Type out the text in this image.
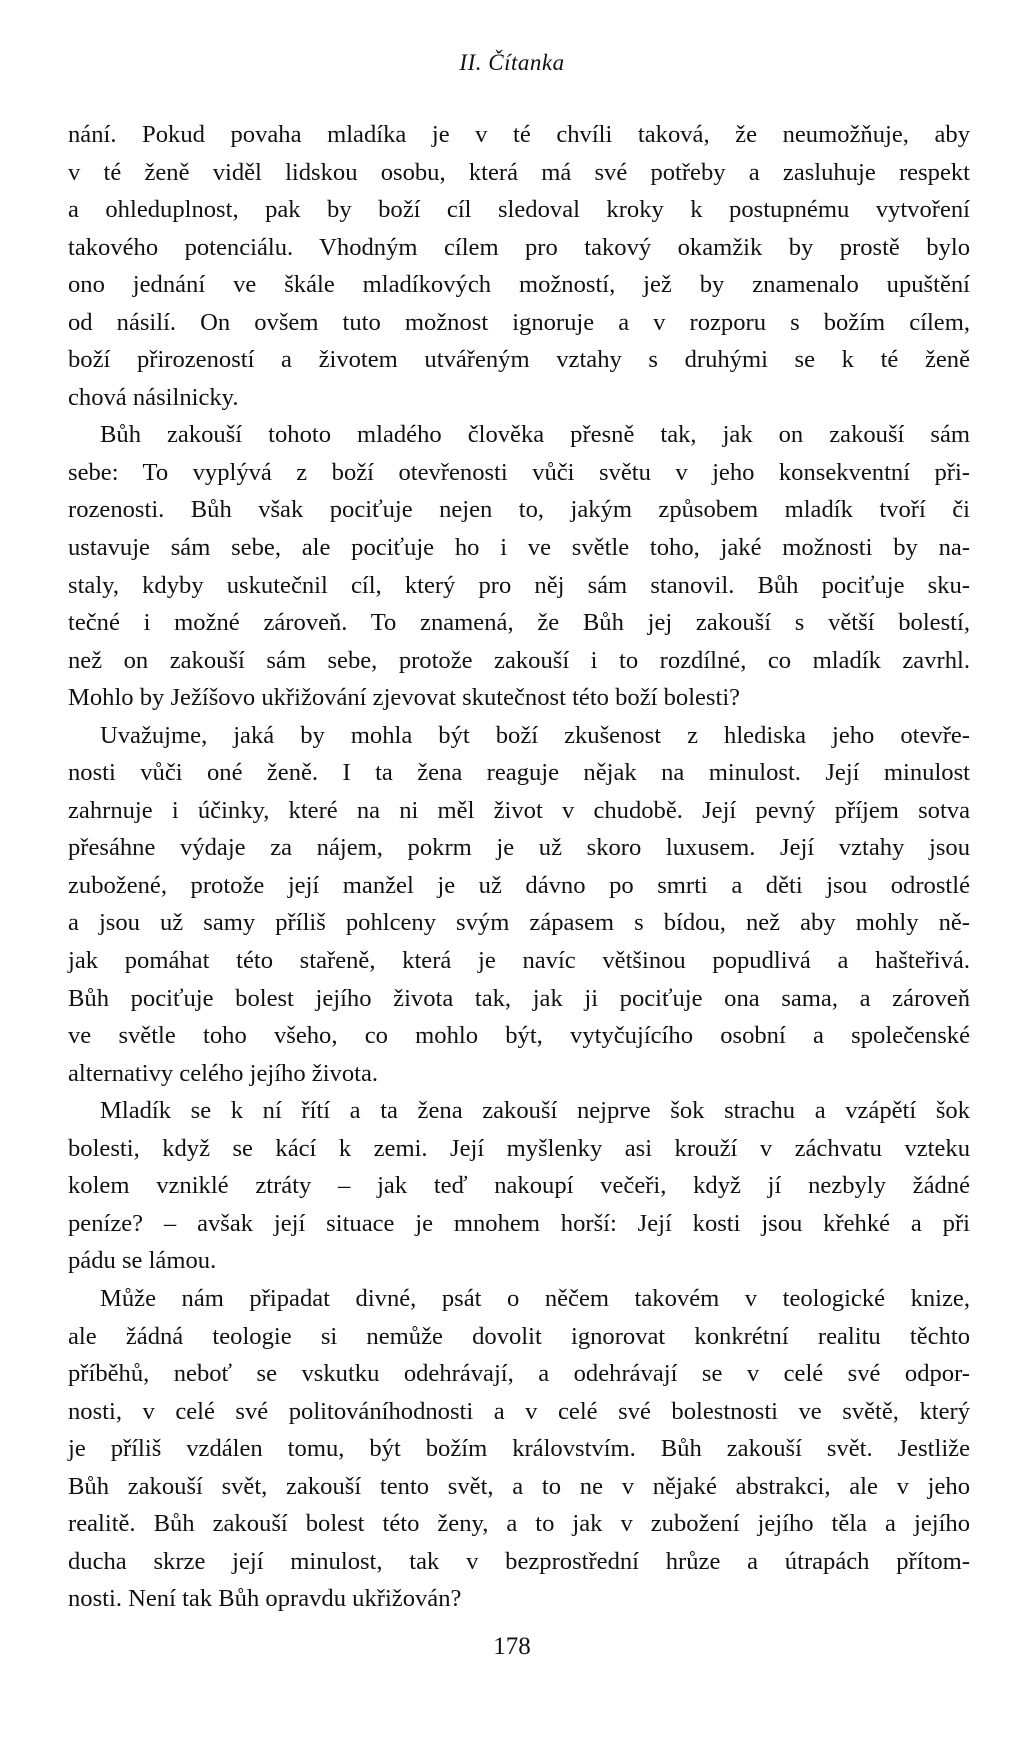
II. Čítanka
nání. Pokud povaha mladíka je v té chvíli taková, že neumožňuje, aby
v té ženě viděl lidskou osobu, která má své potřeby a zasluhuje respekt
a ohleduplnost, pak by boží cíl sledoval kroky k postupnému vytvoření
takového potenciálu. Vhodným cílem pro takový okamžik by prostě bylo
ono jednání ve škále mladíkových možností, jež by znamenalo upuštění
od násilí. On ovšem tuto možnost ignoruje a v rozporu s božím cílem,
boží přirozeností a životem utvářeným vztahy s druhými se k té ženě
chová násilnicky.
Bůh zakouší tohoto mladého člověka přesně tak, jak on zakouší sám
sebe: To vyplývá z boží otevřenosti vůči světu v jeho konsekventní při-
rozenosti. Bůh však pociťuje nejen to, jakým způsobem mladík tvoří či
ustavuje sám sebe, ale pociťuje ho i ve světle toho, jaké možnosti by na-
staly, kdyby uskutečnil cíl, který pro něj sám stanovil. Bůh pociťuje sku-
tečné i možné zároveň. To znamená, že Bůh jej zakouší s větší bolestí,
než on zakouší sám sebe, protože zakouší i to rozdílné, co mladík zavrhl.
Mohlo by Ježíšovo ukřižování zjevovat skutečnost této boží bolesti?
Uvažujme, jaká by mohla být boží zkušenost z hlediska jeho otevře-
nosti vůči oné ženě. I ta žena reaguje nějak na minulost. Její minulost
zahrnuje i účinky, které na ni měl život v chudobě. Její pevný příjem sotva
přesáhne výdaje za nájem, pokrm je už skoro luxusem. Její vztahy jsou
zubožené, protože její manžel je už dávno po smrti a děti jsou odrostlé
a jsou už samy příliš pohlceny svým zápasem s bídou, než aby mohly ně-
jak pomáhat této stařeně, která je navíc většinou popudlivá a hašteřivá.
Bůh pociťuje bolest jejího života tak, jak ji pociťuje ona sama, a zároveň
ve světle toho všeho, co mohlo být, vytyčujícího osobní a společenské
alternativy celého jejího života.
Mladík se k ní řítí a ta žena zakouší nejprve šok strachu a vzápětí šok
bolesti, když se kácí k zemi. Její myšlenky asi krouží v záchvatu vzteku
kolem vzniklé ztráty – jak teď nakoupí večeři, když jí nezbyly žádné
peníze? – avšak její situace je mnohem horší: Její kosti jsou křehké a při
pádu se lámou.
Může nám připadat divné, psát o něčem takovém v teologické knize,
ale žádná teologie si nemůže dovolit ignorovat konkrétní realitu těchto
příběhů, neboť se vskutku odehrávají, a odehrávají se v celé své odpor-
nosti, v celé své politováníhodnosti a v celé své bolestnosti ve světě, který
je příliš vzdálen tomu, být božím královstvím. Bůh zakouší svět. Jestliže
Bůh zakouší svět, zakouší tento svět, a to ne v nějaké abstrakci, ale v jeho
realitě. Bůh zakouší bolest této ženy, a to jak v zubožení jejího těla a jejího
ducha skrze její minulost, tak v bezprostřední hrůze a útrapách přítom-
nosti. Není tak Bůh opravdu ukřižován?
178
